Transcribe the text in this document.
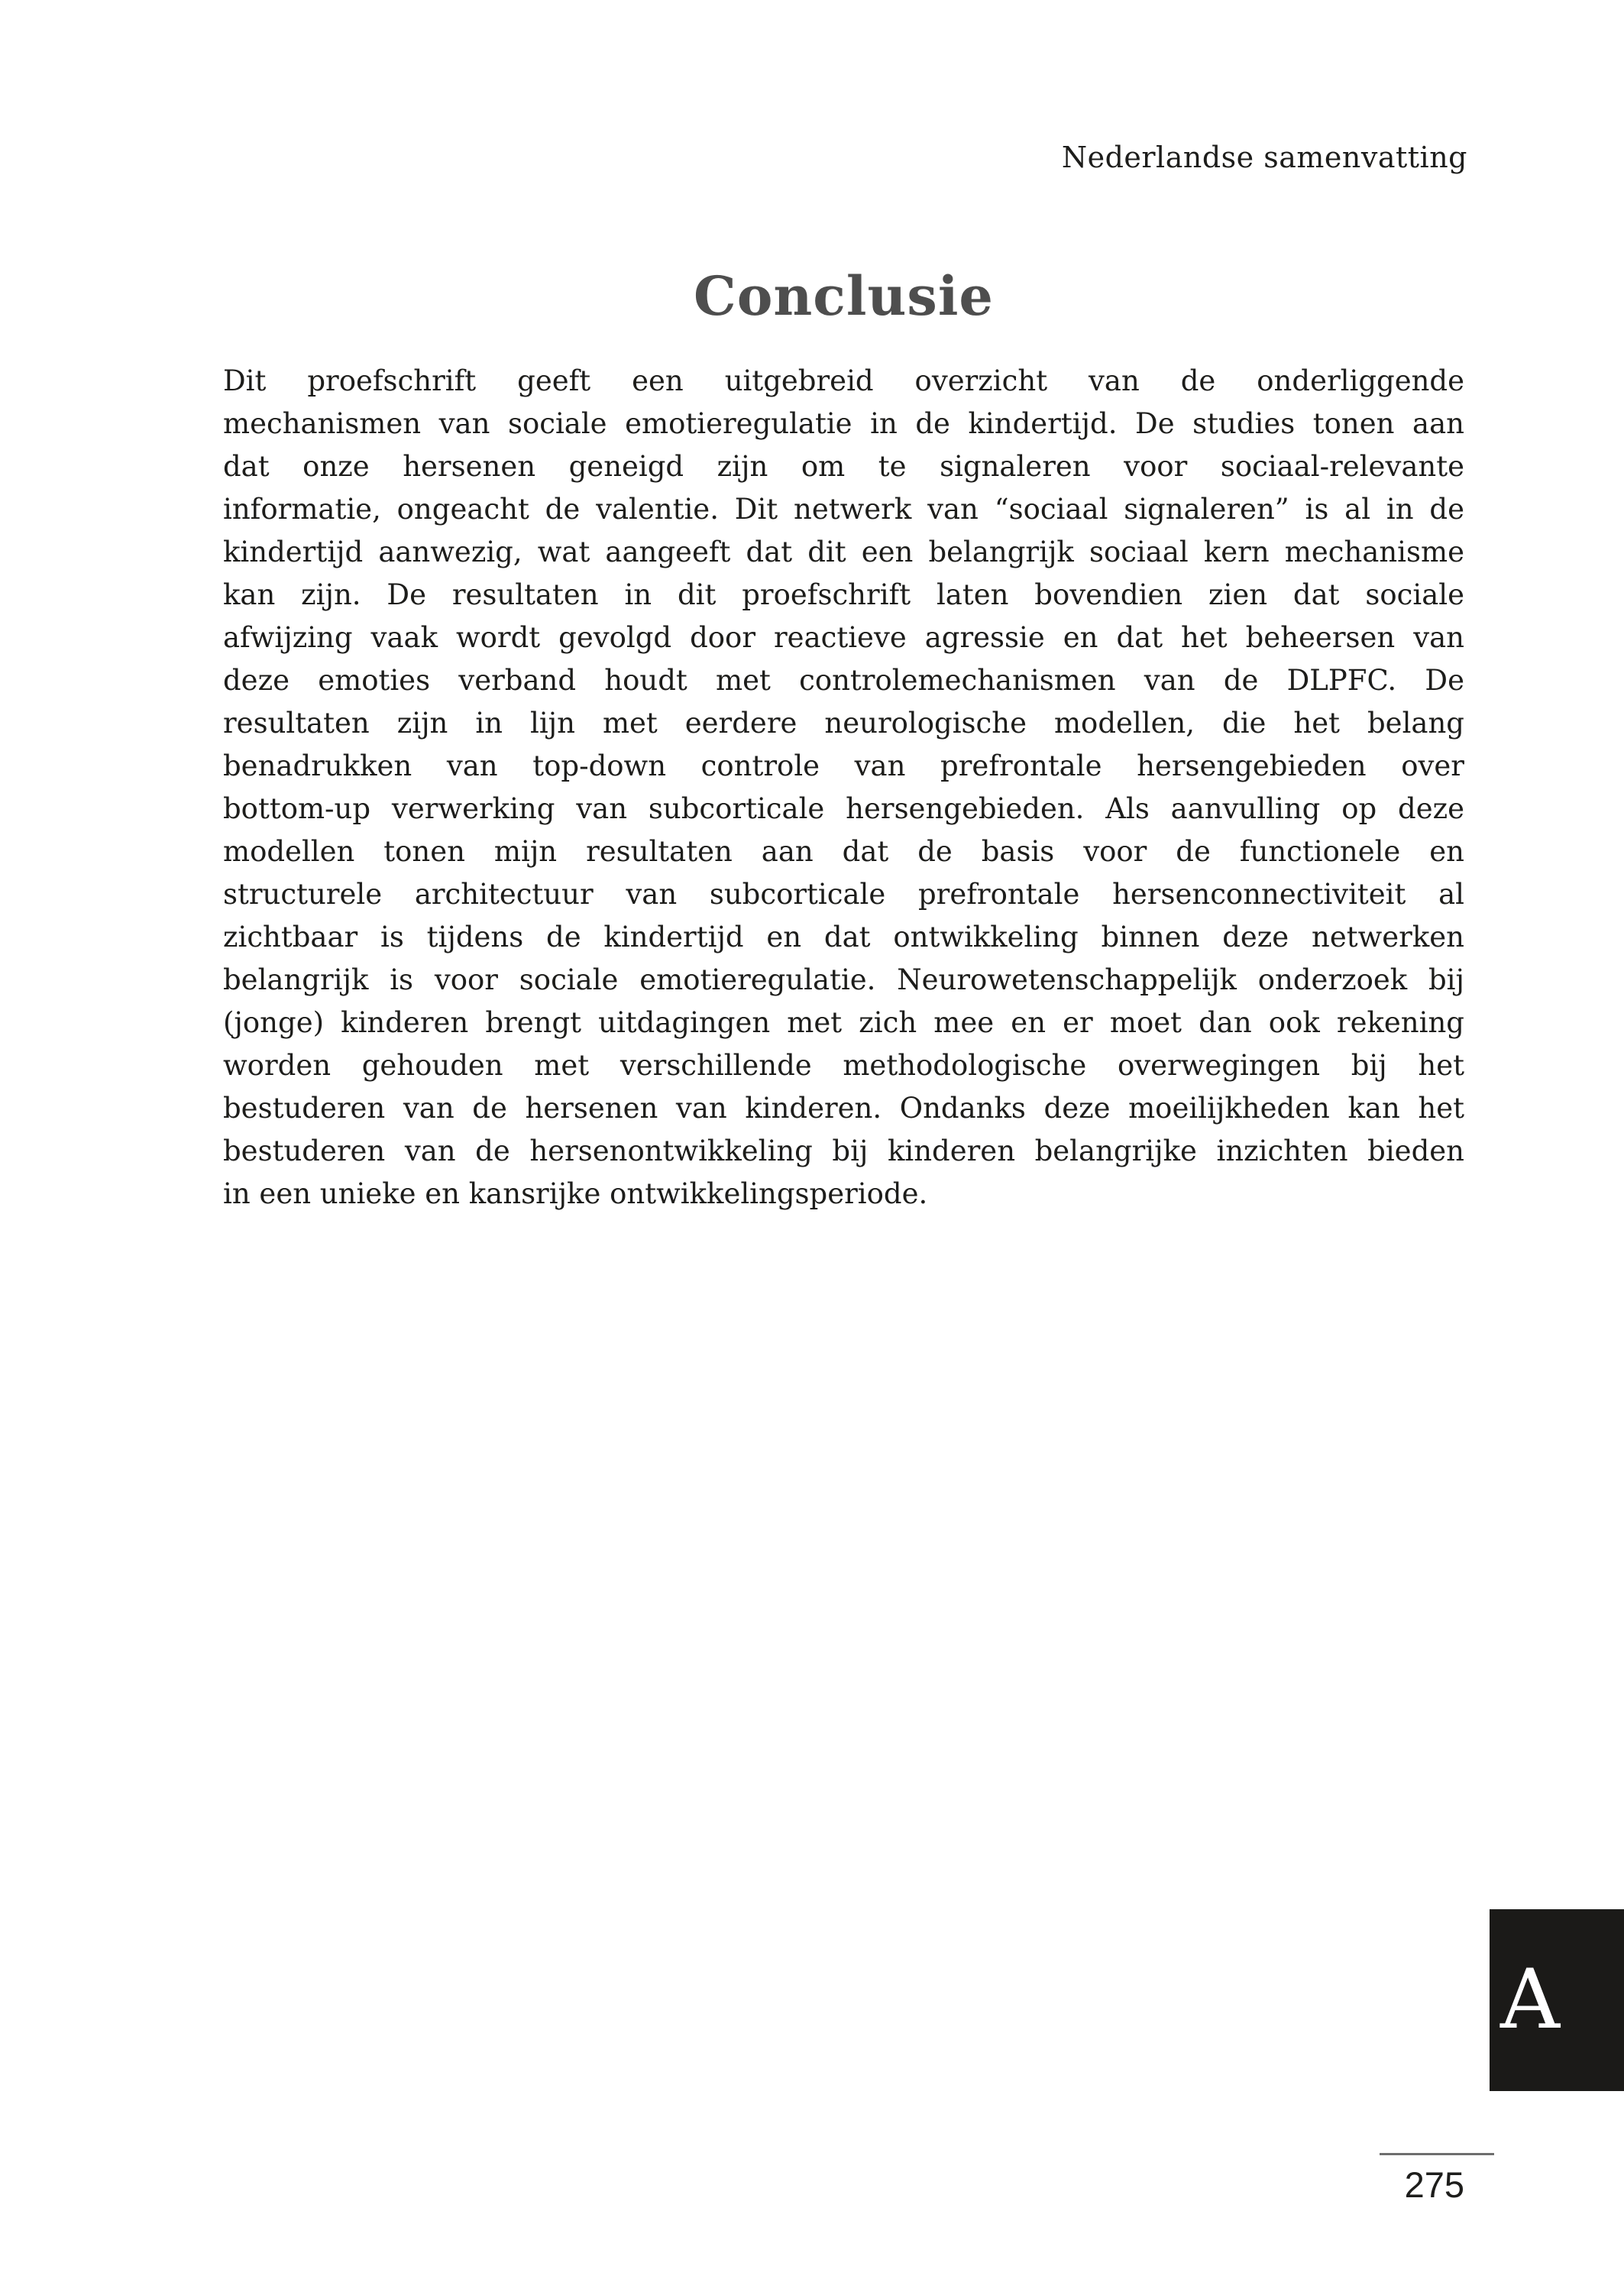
Nederlandse samenvatting
Conclusie
Dit proefschrift geeft een uitgebreid overzicht van de onderliggende
mechanismen van sociale emotieregulatie in de kindertijd. De studies tonen aan
dat onze hersenen geneigd zijn om te signaleren voor sociaal-relevante
informatie, ongeacht de valentie. Dit netwerk van “sociaal signaleren” is al in de
kindertijd aanwezig, wat aangeeft dat dit een belangrijk sociaal kern mechanisme
kan zijn. De resultaten in dit proefschrift laten bovendien zien dat sociale
afwijzing vaak wordt gevolgd door reactieve agressie en dat het beheersen van
deze emoties verband houdt met controlemechanismen van de DLPFC. De
resultaten zijn in lijn met eerdere neurologische modellen, die het belang
benadrukken van top-down controle van prefrontale hersengebieden over
bottom-up verwerking van subcorticale hersengebieden. Als aanvulling op deze
modellen tonen mijn resultaten aan dat de basis voor de functionele en
structurele architectuur van subcorticale prefrontale hersenconnectiviteit al
zichtbaar is tijdens de kindertijd en dat ontwikkeling binnen deze netwerken
belangrijk is voor sociale emotieregulatie. Neurowetenschappelijk onderzoek bij
(jonge) kinderen brengt uitdagingen met zich mee en er moet dan ook rekening
worden gehouden met verschillende methodologische overwegingen bij het
bestuderen van de hersenen van kinderen. Ondanks deze moeilijkheden kan het
bestuderen van de hersenontwikkeling bij kinderen belangrijke inzichten bieden
in een unieke en kansrijke ontwikkelingsperiode.
A
275
